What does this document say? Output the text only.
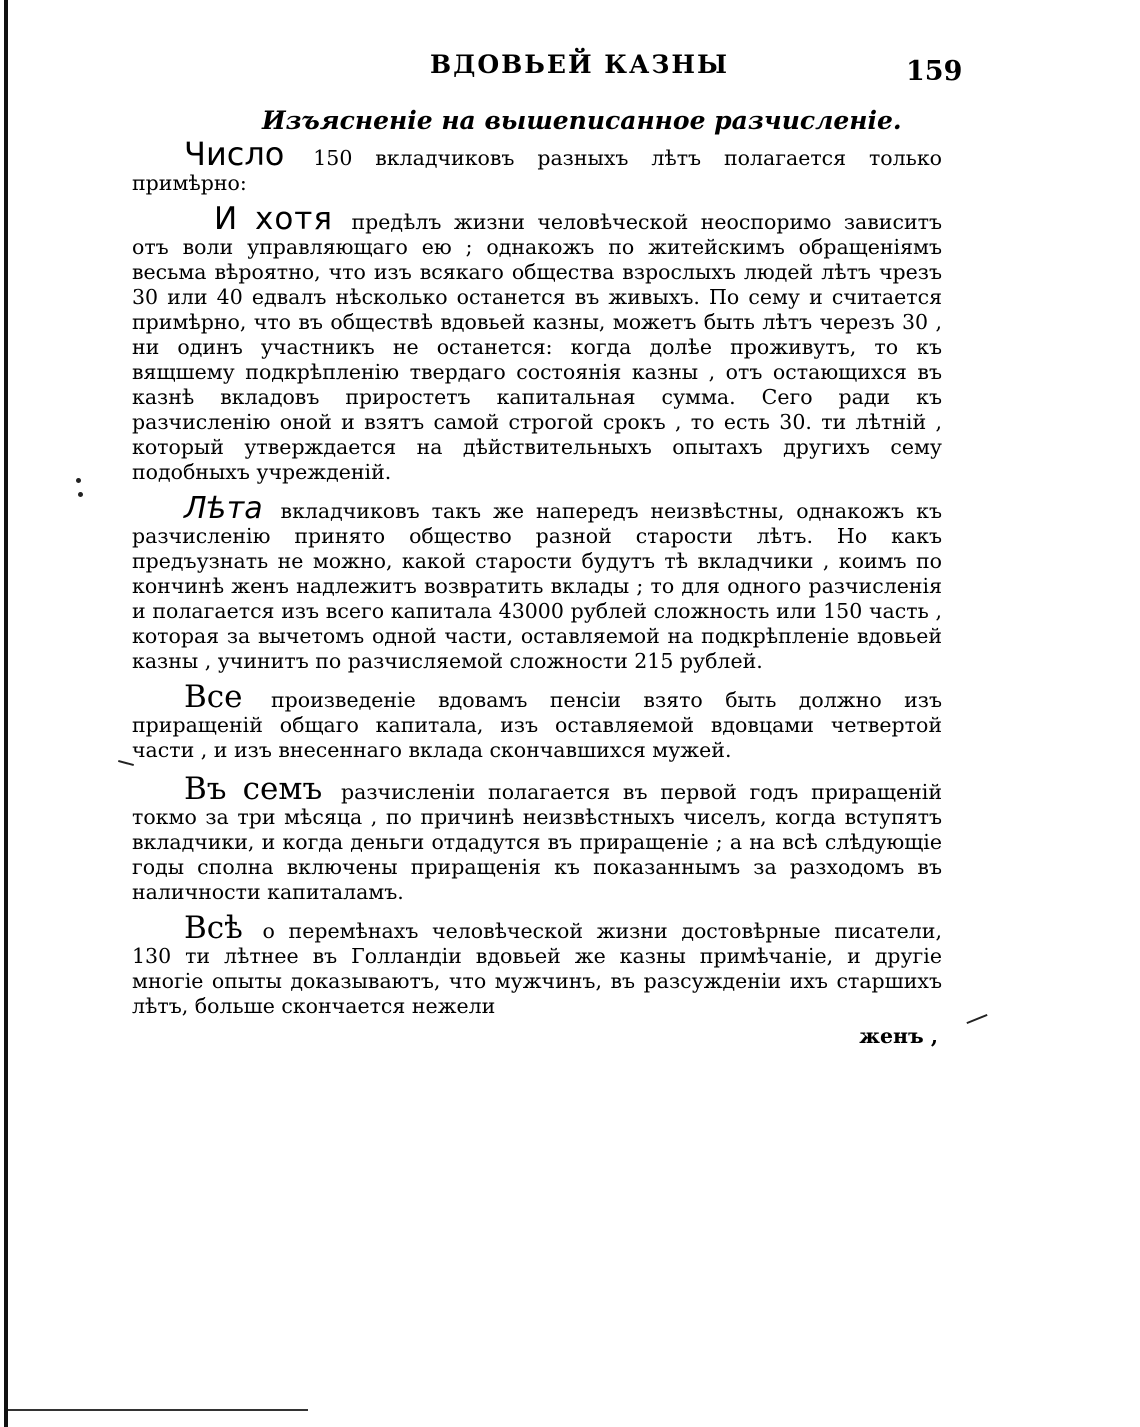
ВДОВЬЕЙ КАЗНЫ	159
Изъясненіе на вышеписанное разчисленіе.

Число 150 вкладчиковъ разныхъ лѣтъ полагается только примѣрно:

И хотя предѣлъ жизни человѣческой неоспоримо зависитъ отъ воли управляющаго ею ; однакожъ по житейскимъ обращеніямъ весьма вѣроятно, что изъ всякаго общества взрослыхъ людей лѣтъ чрезъ 30 или 40 едвалъ нѣсколько останется въ живыхъ. По сему и считается примѣрно, что въ обществѣ вдовьей казны, можетъ быть лѣтъ черезъ 30 , ни одинъ участникъ не останется: когда долѣе проживутъ, то къ вящшему подкрѣпленію твердаго состоянія казны , отъ остающихся въ казнѣ вкладовъ приростетъ капитальная сумма. Сего ради къ разчисленію оной и взятъ самой строгой срокъ , то есть 30. ти лѣтній , который утверждается на дѣйствительныхъ опытахъ другихъ сему подобныхъ учрежденій.

Лѣта вкладчиковъ такъ же напередъ неизвѣстны, однакожъ къ разчисленію принято общество разной старости лѣтъ. Но какъ предъузнать не можно, какой старости будутъ тѣ вкладчики , коимъ по кончинѣ женъ надлежитъ возвратить вклады ; то для одного разчисленія и полагается изъ всего капитала 43000 рублей сложность или 150 часть , которая за вычетомъ одной части, оставляемой на подкрѣпленіе вдовьей казны , учинитъ по разчисляемой сложности 215 рублей.

Все произведеніе вдовамъ пенсіи взято быть должно изъ приращеній общаго капитала, изъ оставляемой вдовцами четвертой части , и изъ внесеннаго вклада скончавшихся мужей.

Въ семъ разчисленіи полагается въ первой годъ приращеній токмо за три мѣсяца , по причинѣ неизвѣстныхъ чиселъ, когда вступятъ вкладчики, и когда деньги отдадутся въ приращеніе ; а на всѣ слѣдующіе годы сполна включены приращенія къ показаннымъ за разходомъ въ наличности капиталамъ.

Всѣ о перемѣнахъ человѣческой жизни достовѣрные писатели, 130 ти лѣтнее въ Голландіи вдовьей же казны примѣчаніе, и другіе многіе опыты доказываютъ, что мужчинъ, въ разсужденіи ихъ старшихъ лѣтъ, больше скончается нежели

женъ ,
